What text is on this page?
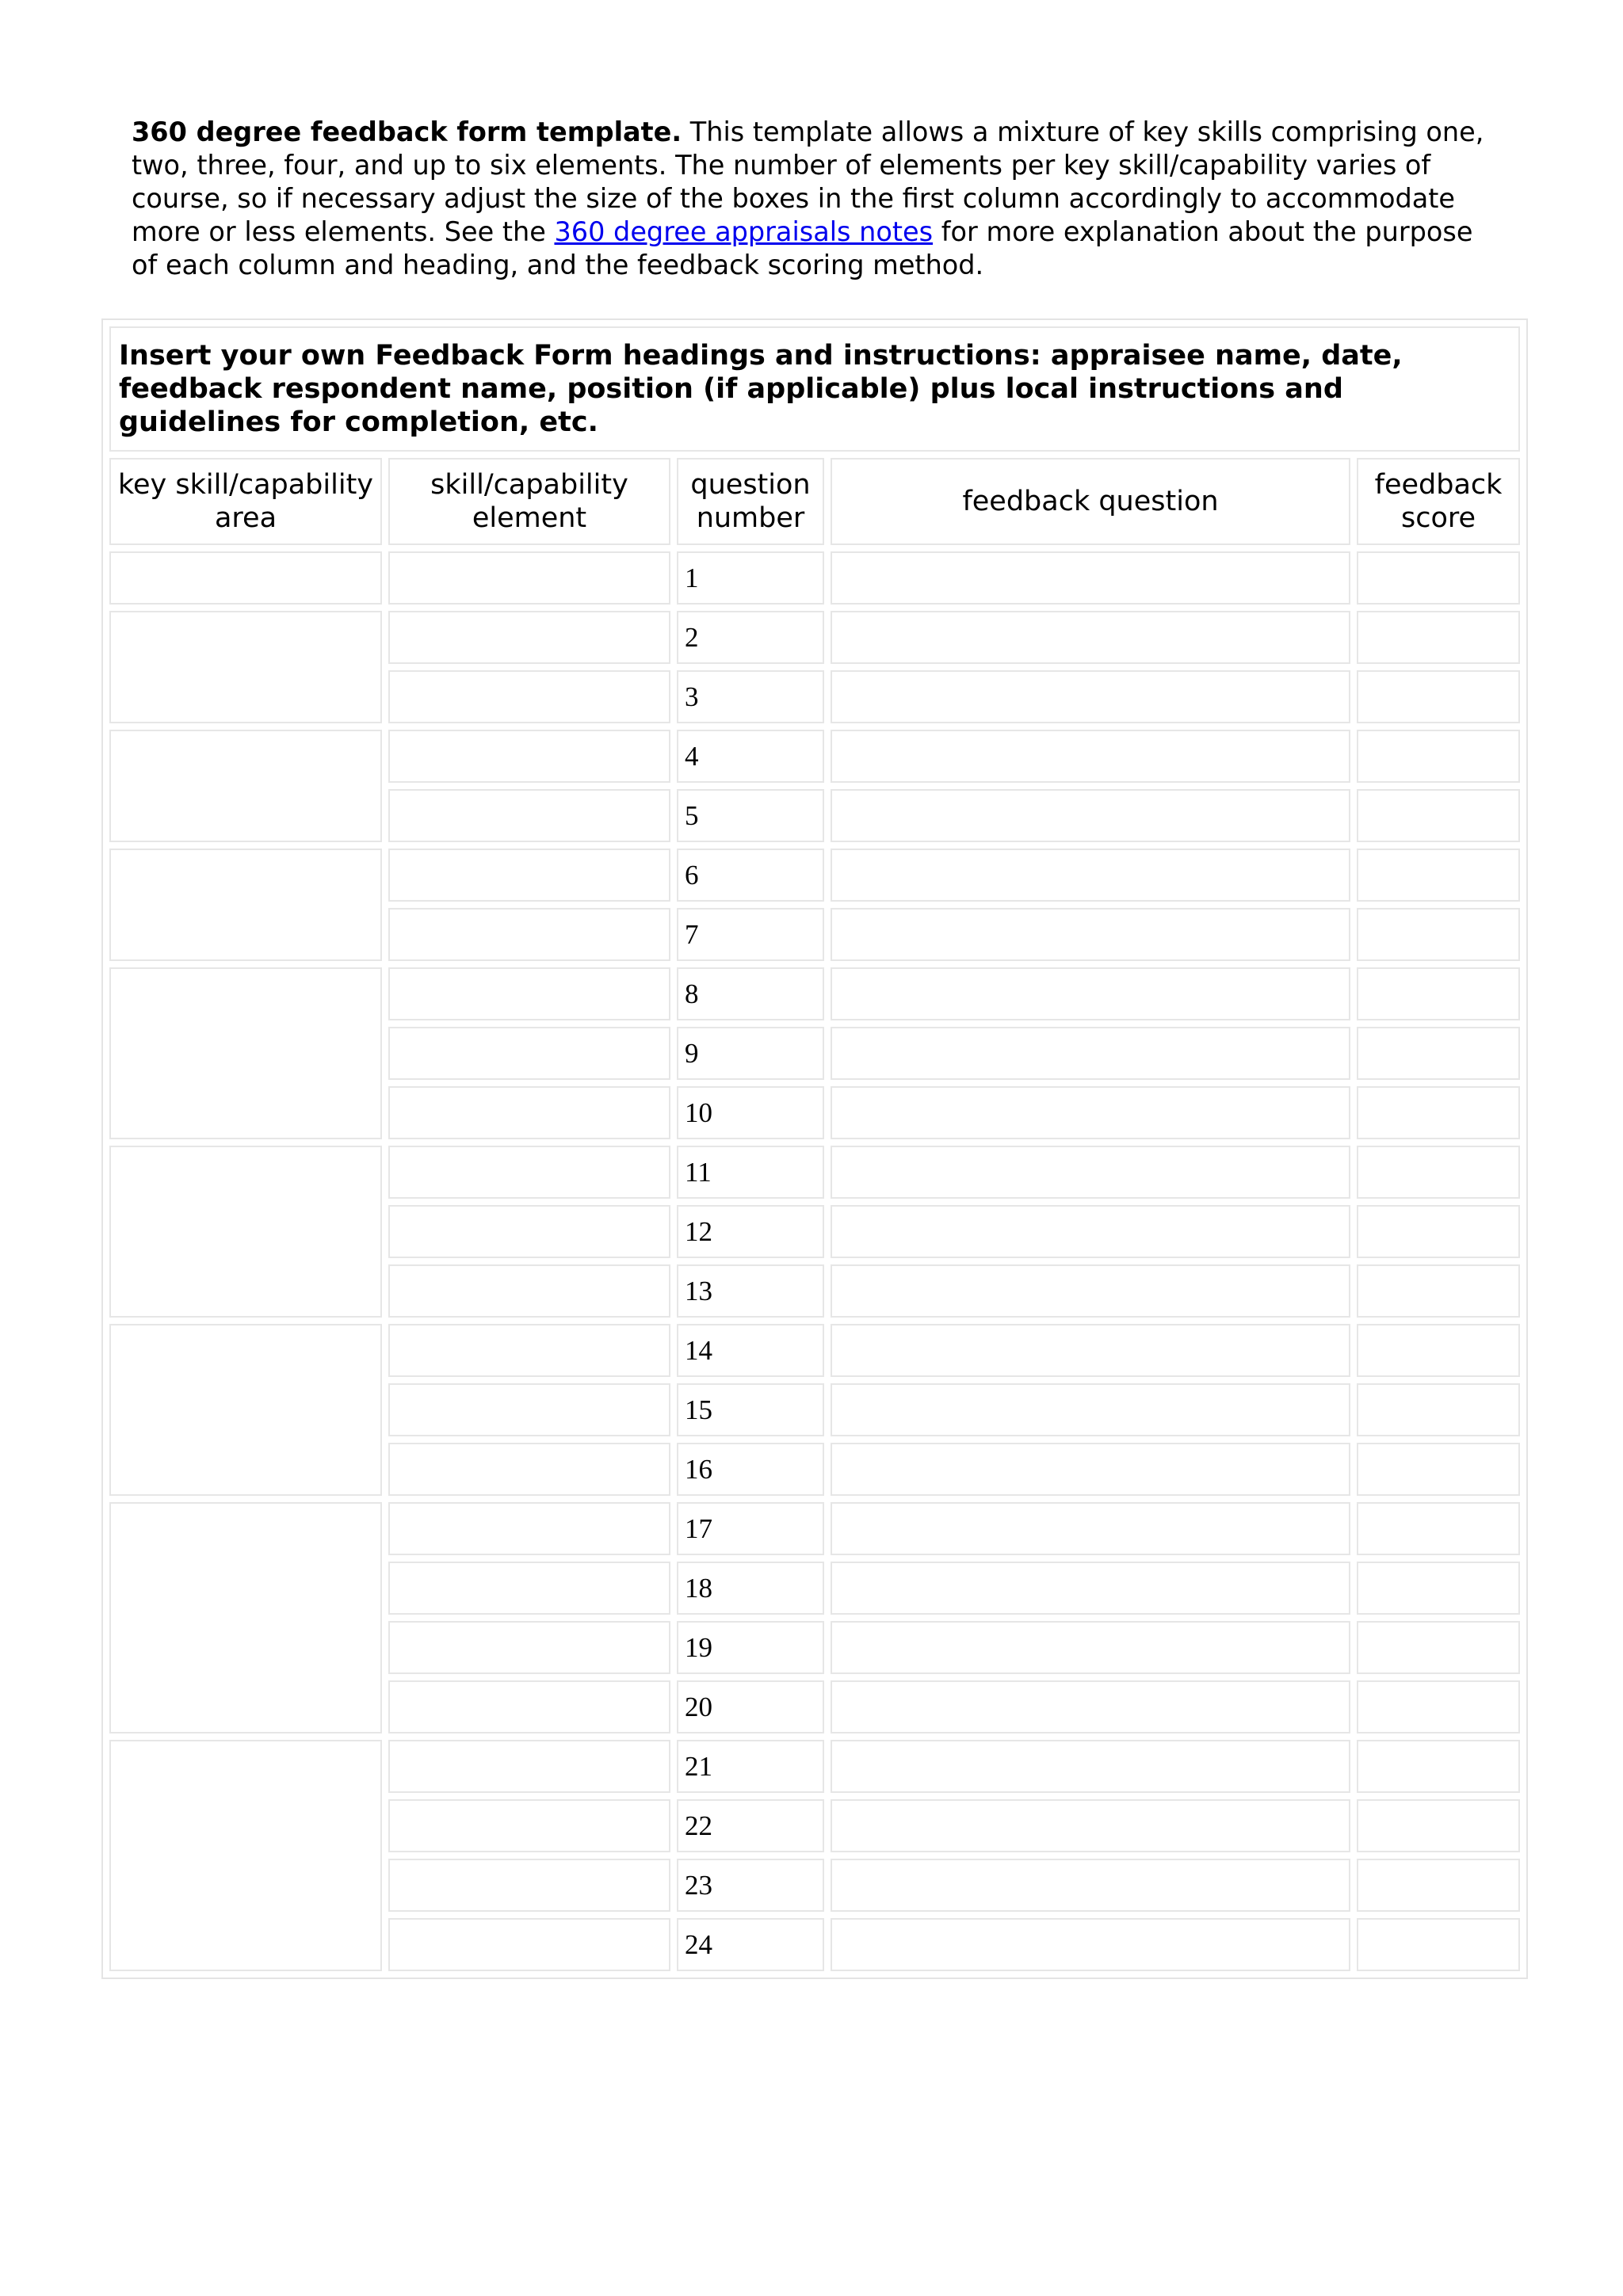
360 degree feedback form template. This template allows a mixture of key skills comprising one, two, three, four, and up to six elements. The number of elements per key skill/capability varies of course, so if necessary adjust the size of the boxes in the first column accordingly to accommodate more or less elements. See the 360 degree appraisals notes for more explanation about the purpose of each column and heading, and the feedback scoring method.
Insert your own Feedback Form headings and instructions: appraisee name, date, feedback respondent name, position (if applicable) plus local instructions and guidelines for completion, etc.				
key skill/capability area	skill/capability element	question number	feedback question	feedback score
		1		
		2		
		3		
		4		
		5		
		6		
		7		
		8		
		9		
		10		
		11		
		12		
		13		
		14		
		15		
		16		
		17		
		18		
		19		
		20		
		21		
		22		
		23		
		24		
